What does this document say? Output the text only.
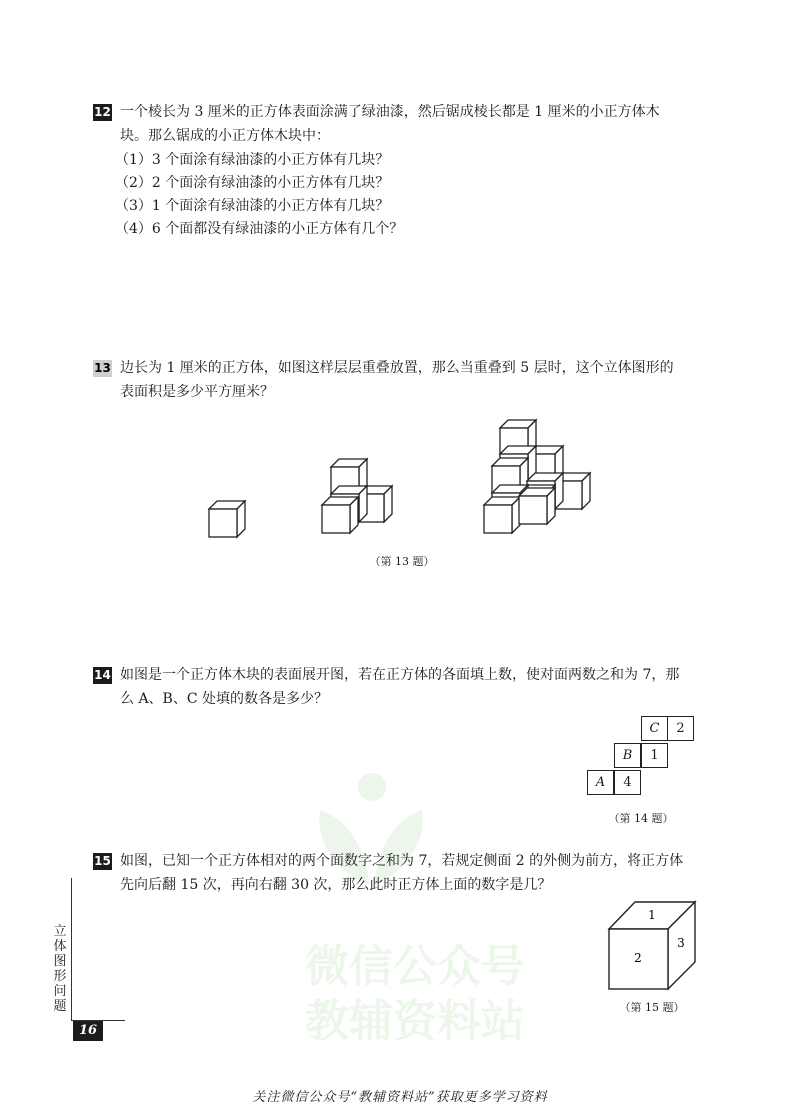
微信公众号
教辅资料站
12 一个棱长为 3 厘米的正方体表面涂满了绿油漆，然后锯成棱长都是 1 厘米的小正方体木
块。那么锯成的小正方体木块中：
（1）3 个面涂有绿油漆的小正方体有几块？
（2）2 个面涂有绿油漆的小正方体有几块？
（3）1 个面涂有绿油漆的小正方体有几块？
（4）6 个面都没有绿油漆的小正方体有几个？
13 边长为 1 厘米的正方体，如图这样层层重叠放置，那么当重叠到 5 层时，这个立体图形的
表面积是多少平方厘米？
（第 13 题）
14 如图是一个正方体木块的表面展开图，若在正方体的各面填上数，使对面两数之和为 7，那
么 A、B、C 处填的数各是多少？
C	2
B	1
A	4
（第 14 题）
15 如图，已知一个正方体相对的两个面数字之和为 7，若规定侧面 2 的外侧为前方，将正方体
先向后翻 15 次，再向右翻 30 次，那么此时正方体上面的数字是几？
1
2
3
（第 15 题）
立
体
图
形
问
题
16
关注微信公众号“教辅资料站”获取更多学习资料
